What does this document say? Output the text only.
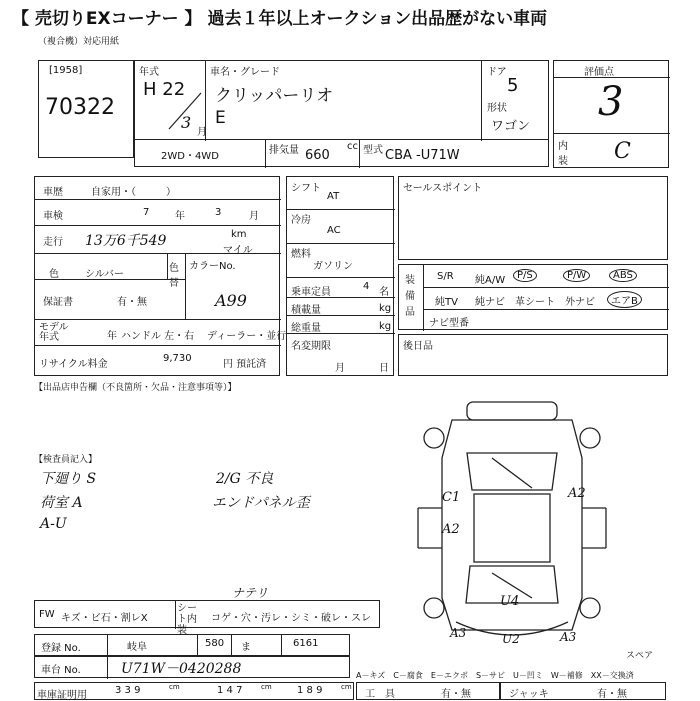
【 売切りEXコーナー 】 過去１年以上オークション出品歴がない車両
（複合機）対応用紙
[1958]
70322
年式
H 22
3
月
車名・グレード
クリッパーリオ
E
ドア
5
形状
ワゴン
2WD・4WD
排気量 660
cc 型式 CBA -U71W
評価点
3
内装 C
車歴	自家用・（　　　）
車検	7	年	3	月
走行 13万6千549	km
マイル
色	シルバー
色替
カラーNo.
A99
保証書	有・無
モデル年式	年 ハンドル 左・右 ディーラー・並行
リサイクル料金
9,730
円 預託済
シフト
AT
冷房
AC
燃料
ガソリン
乗車定員
4
名
積載量	kg
総重量	kg
名変期限
月	日
セールスポイント
装備品
S/R 純A/W	P/S	P/W	ABS
純TV 純ナビ 革シート 外ナビ	エアB
ナビ型番
後日品
【出品店申告欄（不良箇所・欠品・注意事項等）】
【検査員記入】
下廻り S
荷室 A
A-U
2/G 不良　
エンドパネル歪
ナテリ
C1	A2
A2
U4
A3	U2	A3
スペア
FW キズ・ビ石・割レX
シート内装
コゲ・穴・汚レ・シミ・破レ・スレ
登録 No.	岐阜	580 ま	6161
車台 No.	U71W－0420288	A－キズ　C－腐食　E－エクボ　S－サビ　U－凹ミ　W－補修　XX－交換済
車庫証明用	3 3 9	cm	1 4 7	cm	1 8 9	cm
工　具	有・無	ジャッキ	有・無
